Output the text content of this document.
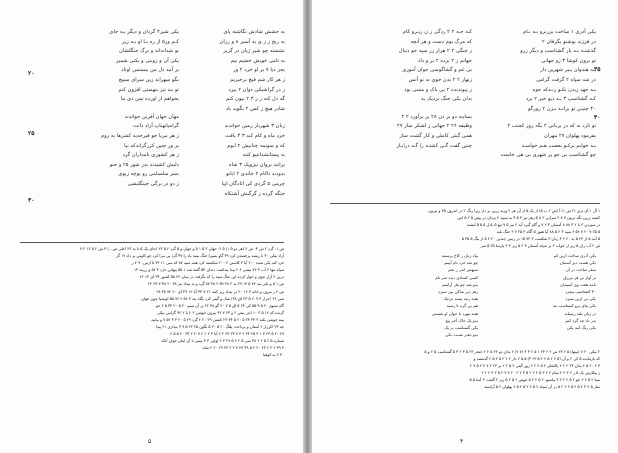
یکی شیر۴ گردان و دیگر بـه جای
کـم ور۵ از ره بـا او بـه زیر
تو شدانداند و برگ جنگلشان
یکی آن و زوبنی و بکنی شمیر
بر آمد دل من بیستمن اوتاد
بگو سهرابد زین سرای سیپج
تو بند تیز بنهستی افزون کنم
بخواهم از اورده تمن دی نبا
مهان جهان آفرین خواندند
گرامیانهباپ آزاد دانت
ز هر مریا جو فیرحدیه کشرها به روم
بر ور چنین کزرگزاندکه نیا
ز هر کشوری نامداران گرد
دلیش کشیدند بدر شور ۲۵ و جنو
بسر سلسامی رو بوچه زیوی
ز دو در برگی جینگلیشی
به جشش شادش نگاشته پای
به ربح ز ز ی به آسیر ۸ و رزان
نشسته چو شیر ژیان در گریز
به نامی خویش خشیم بیم
بجز دیا ۷ بر او خرد ۲ ور
ز هر کار شم فیچ برخیزیم
ز در گراشیکی دوان ۲ بیرد
گه دل کنه ز ز ۳ ۲ بیون کنم
شادر هیچ ز کس ۲ بگوید باد
زبان ۳ شهربار زمین خواندند
خرد ماه و کام کند ۳ ۴ بافت
که و سونمه چنانیش ۲ ابوم
به پیمنانشدانتیو کنند
برانند بروان نیژوپک ۳ شاه
بدودند تاکام ۲ جاندی ۲ ابابو
چرمی ۵ گردی کی اتادگان اپیا
جنگه گرده ز گرگیش آشتکاه
۲۰
۲۵
۳۰
ش ۱: گرد ۲ ش ۴: ش ۲ (هر دو ۵ ۱) ۵ ۲: جهان ۳ ۵ ۱ ۵ و جهان و ۵ گرد ۲ ۵ ۲۳ (جای یک ۵ تا به ۲۳ اعلی ش...) ۴ ش ۲ ۵ ۱۲ ۲ ۷
آزاد نیکی ۴۰ تا ریشه پرچشدن کرد ۴۹ گاو بسپرا جنگ بینند باد را ۴۷ گرد پی بیرا کرد چو کاوس بر داد ۱۷ گر
خرد کند یکی شده ۲۰۰ آیا ۳ کاستن ۲ ۲۰۰ شکسته کرد همه سپه ۸۷ که سی ۱۱ ۳۲ تا ارس ۹۰ ۷ ز
سپاه تنها ۲ آب ۳ ۷۶ بیشی ۶ ۲ پیدا بیداشت دندان ۵۴ گفته شد ۱ ۵۵ پنهانی دارد ۳ ۵۶ و زرینه ۱۴
درین ۲ آزار جوی و خوار کرده این جنگ سیه را که بگرفت در میان ۲۲ ۵۸ کشور ۳۴ آی ۱۳ ۶۲
ش ۱ ۵ و یکی بند ۷۶ ۵ ۱۳ ۳۹ به ۲ ۴۸ ۵۹ ۲ ۳۸ ۸۷ گرد و به بیداد نیز ۳۸ ۲۰ ۴۸ ۷ ۳۳ ۲۲
ش ۲ ز بیرون و خانه ۳ ۱۲ ۲۰ در بیداد زیر کنند ۲۱ ۷ ۳۴ آیا ۱۲ ۴۹ آی ۲۰ ۷۲ ۳۸ ۲۸
سی ۲۶ (جرار ۴ ۶۰۹ ۵ ۲۳ اق ۳۸) شک و گیتی کرد بگاه بنه ۳ ۵۶ ۲ ۷۶ ۵۵ اونشیا چون جهان
گاه سیوم ۲۰ ۵ ۹ ۵۵ کی ۲۴ ۵ اق ۵ ۷ ۲۰ گو ۴۸ ۲۲ بر آن سیم ۲۰ ۵ ۲۰ ۳۴ ۵ ۲ خو
گزیده که ۱۲ ۵ ۳ ۱۰ اندر بیش ۲ و ۲۳ ۷ ۹۲ بیرون جوشن ۲ ۲ یا ۲ ۹۲ گرامی بیکی
بینه جوشن بکند ۳ ۴۴ ۲۳ ۵ ۲۰ ۵ ۳۴ ۲۳ کشتن ۲۹ ۲۰ ۲ گرد ۲۹ ۵ ۲۰ ۴ ۳ ۵۲ ۷ و بیانیه
چه ۲۳ کارزار ۲ آستان و پرداخت پلنگ ۲۰ ۵ ۲۰ ۵ نگون ۲۵ ۲۲ ۵ ۹ ۳ بیداری ۲۱ پیدا
۲۷ ۲۰ ۵ ۲۳ ۷ ۱ ۳ ۲۵ ۳۴ ۲ ۳ ۷ ۲۳ ۶۳ ۲ ۲ آیا ۴ ۲ ۲ ۲ ۲۰۷ ۲ ۳۴ ۲۰ ۵ ۵ ۲
شماره ۵ ۲ ۵ ۲ ۲ ۳۸ سی ۵ ۲ ۲ ۵ ۲۹ ۳ ۲ اولین ۳ ۴ بیمیر با آن اینان جوان آنکه
۳ ۳۹ ۲ ۲ ۲ ۲۳ ۲۰ ۲ ۵ ۴۹ ۲۳ ۳ ۲ ۲ ۲۳ ۲۹ ۲۰ ۲ شاه
۴۰ ۲ به کوهیا
۵
یکی آدری ۱ ساخت بزرنرو بـه نـام
در فرزند یوشنو بگرفان ۲
گذشتـه بـه یار گشتاسب و دیگر زرو
تو برون کوشا ۳ زو جهانی
بـه هندوان پـیر شهرین دار
در شد سپاه ۲ گرفت گرامی
بـه جهد زبدن نکـو رنـدکه جوه
کـه گشتاسپ ۳ بـه دیو خبر ۲ برد
۴۰ چنیـن تو برانـد بـزن ۲ زورگو
تو تازد نه که در بربانی ۲ بگه روز کجنب ۲
بفرمود پهلوان ۲۷ مهران
بـه خوابم برکـو بعصب هـم خواسـد
چو گشتاسپ بی جو پر شهری بی هی خاست
کـه جـه ۲ ۲ ردگی ز ن زیـرو کام
که مرگ بوم دست و هر آنچه
ز چنگی ۲ ۲ هزار زر سپه جو دنبال
جهانم ز ۲ برده ۲ بر و داد
بی غم و گشاگوسی جوان آموزی
زنهار ۲ ۲ بدن جوی نه نو آنس
ز پیوندنده ۲ بی باک و مسی بود
بدان یکی جنگ نزدیک به
بساینه دو بر دن ۲۸ بر برآورد ۲ ۲
وظیفه ۲۶ ۲ جهانی ز لشکر ساز ۲۷
همی گیتی کاملی و کار گشت ساز
چنین گفت گـی کشتـه را گـه درابـار
۳۵
۴۰
۱ آل ۱ آی دری (۲ ش ۱) آ (ش ۲ ب ۵) از یک ۵ از آن هر ۲ وزنه زرین بر دار زیرا رنگ ۲ در اندرون ۳۵ و بیرون
کشید زرین بگه تزیین ۷ ۸ ۲ سرایی ۲ ۸ ۵ زهر تیز ۳ ۵ ۴ به سپید ۲ یزدان در پیش ۵ ۲ ۵ اس
در سپردن ۳ یا ۲ ۴ ۸۸ ۸ آسمان ۳ ۲ ۷ و گام گیرد آید ۲ نیز ۵ ۷ تیغ ۵ بادل ۵ ۵ ۵ لیشند
۵ ۲۵ ۷ ۲۰ ۷ ۵۲ ۶ سپه ۳ ۲ ۵ ۸۸ آیا هنوز ۵ آگاه ۳ ۲۵ ۷ ۳ جنگ بلند
۵ آمد ۵ از ۲۳ ۵ به ۲۰ ۶ ۳ زبان ۳ شکست ۳ ۷۲ ۱۵ در زمین چندین ۲۰ ۲ ۵ از بیگ ۵ ۳۵ ۵
ش ۲ آب زان ۵ زیر از خواب ۲ بر سپاه آسمان ۳ ۲ ۵ زیر ۳ ۹ پارسا ۲۵ ۵ سر
یکی آدری ساخت ازین کم
یکی هست دیر آسمان
سقر ساخت در آن
بر آواز بی فر بیرزق
نامه هفت وی آسیمان
۴۰ کشتاسپ بیچرد
یکی بی ازین سپرد
یکی پنای برو کشتاسپ بند
در زبان بلند ریسانه
بدر تاد چه گرد کنم
یکی رنگ آمد یکی
بیاد زبان ز کاخ پرستند
چو صد خرد نام آیینم
سپهش اندر ز نجم
کسی کسادی دیت سر نام
بدو شد چو بتل آرامتم
زهر دیر ساکن بین سیرد
همه رتبه پسند نزدیک
هم بی گره تا رسید
همه مهرد با خوان او شستی
بدو یک خاک آخر پیغ
یکی گستاسپ بر یک
بدو دهـر بشـت یکی
۲ بیکی ۲۰ ۷ (بیتها) ۵ ۲ ۲۳ ش ۲ ۲ ۲۳ ۱ ۵ ۲ ۳ ۴ (۷ ۲) ۲ بدان دو ۲۳ ۵ ۲ ۲ خنجر ۲۳ ۵ ۳ ۲ ۴ ۵ گشتاسب ۵ ۲ و ۵
که بازمانده ۵ کی ۲ و آن (۵ ۲ ۲ ۵ ۲ ۲ ۵ ۲۳ ۴) ۵ ۵ ۲ دار ۲ ۲ ۲ ۵ ۲ ۵ ۲ گذشتند و
۳ ۲ ۲۰ ۵ ۲ بدان ۲۳ ۲ ۲ ۲ پاکشان ۲ ۵ ۲ ۲ ۲ زور گیتی ۲ ۵ ۲ ۲ بر ۲۳ ۲ ۷ ۳ ۲ ۵ ۷ ۲
ز پیکارش یک ۵ ز ۲ ۳ ۲ ۲ سام ۲ ۲ ۳ ۵ ۲ ۲ ۲ ۵ ۳ ۲ ۲ ۲۰ ۲ ۳ ۲ ۵ ۲ ۳ ۲ ۲ ۲
سیا ۲ ۵ ۲ ۲ خو ۲ ۵ ۲ ۲ ۲ ۳ بیاسود ۲ ۵ ۲ ۲ ۵ جوش ۲ ۵ ۲ ۵ زیر ۲ گشت ۲ آسا ۵ ۵
ساز ۵ ۲ ۴ ۲ ۵ ۲ ۵ ۲ ۲ ۲ ۵ در آن سپاه ۲ ۵ ۲ ۲ ۵ ۲ ۵ ۲ پهلوان ۲ ۵ آراسته
۴
